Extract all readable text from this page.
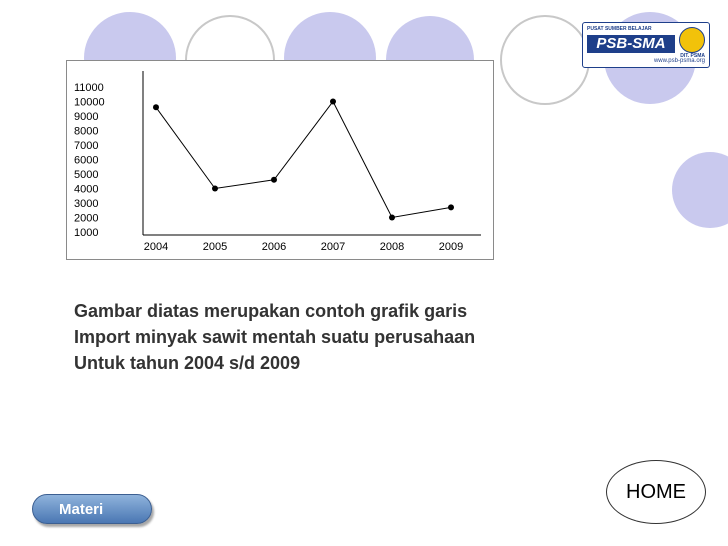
PUSAT SUMBER BELAJAR
PSB-SMA
DIT. PSMA
www.psb-psma.org
11000
10000
9000
8000
7000
6000
5000
4000
3000
2000
1000
2004	2005	2006	2007	2008	2009
Gambar diatas merupakan contoh grafik garis
Import minyak sawit mentah suatu perusahaan
Untuk tahun 2004 s/d 2009
Materi
HOME
